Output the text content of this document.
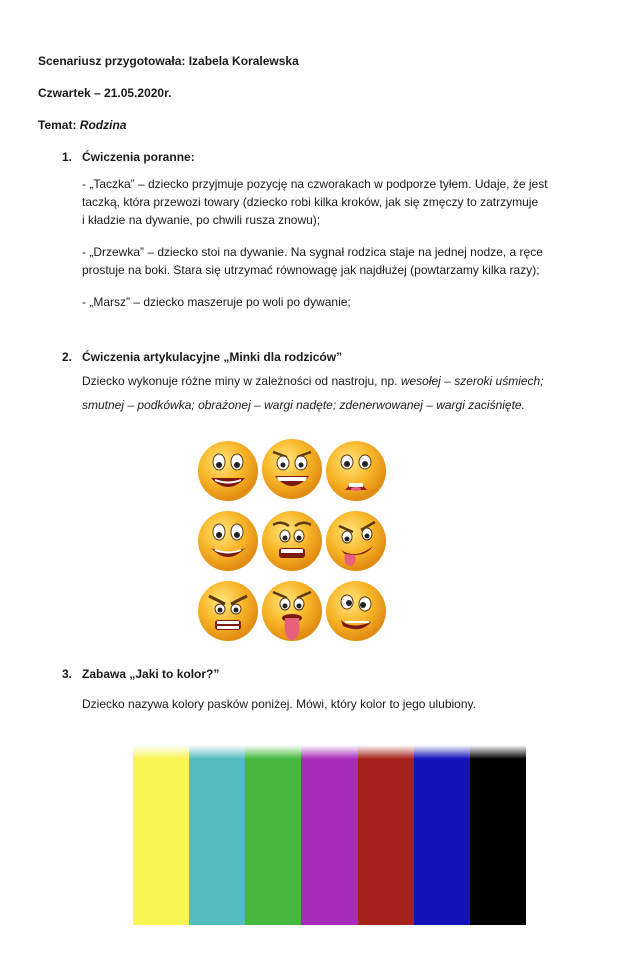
Scenariusz przygotowała: Izabela Koralewska
Czwartek – 21.05.2020r.
Temat: Rodzina
1. Ćwiczenia poranne:
- „Taczka” – dziecko przyjmuje pozycję na czworakach w podporze tyłem. Udaje, że jest
taczką, która przewozi towary (dziecko robi kilka kroków, jak się zmęczy to zatrzymuje
i kładzie na dywanie, po chwili rusza znowu);
- „Drzewka” – dziecko stoi na dywanie. Na sygnał rodzica staje na jednej nodze, a ręce
prostuje na boki. Stara się utrzymać równowagę jak najdłużej (powtarzamy kilka razy);
- „Marsz” – dziecko maszeruje po woli po dywanie;
2. Ćwiczenia artykulacyjne „Minki dla rodziców”
Dziecko wykonuje różne miny w zależności od nastroju, np. wesołej – szeroki uśmiech;
smutnej – podkówka; obrażonej – wargi nadęte; zdenerwowanej – wargi zaciśnięte.
3. Zabawa „Jaki to kolor?”
Dziecko nazywa kolory pasków poniżej. Mówi, który kolor to jego ulubiony.
